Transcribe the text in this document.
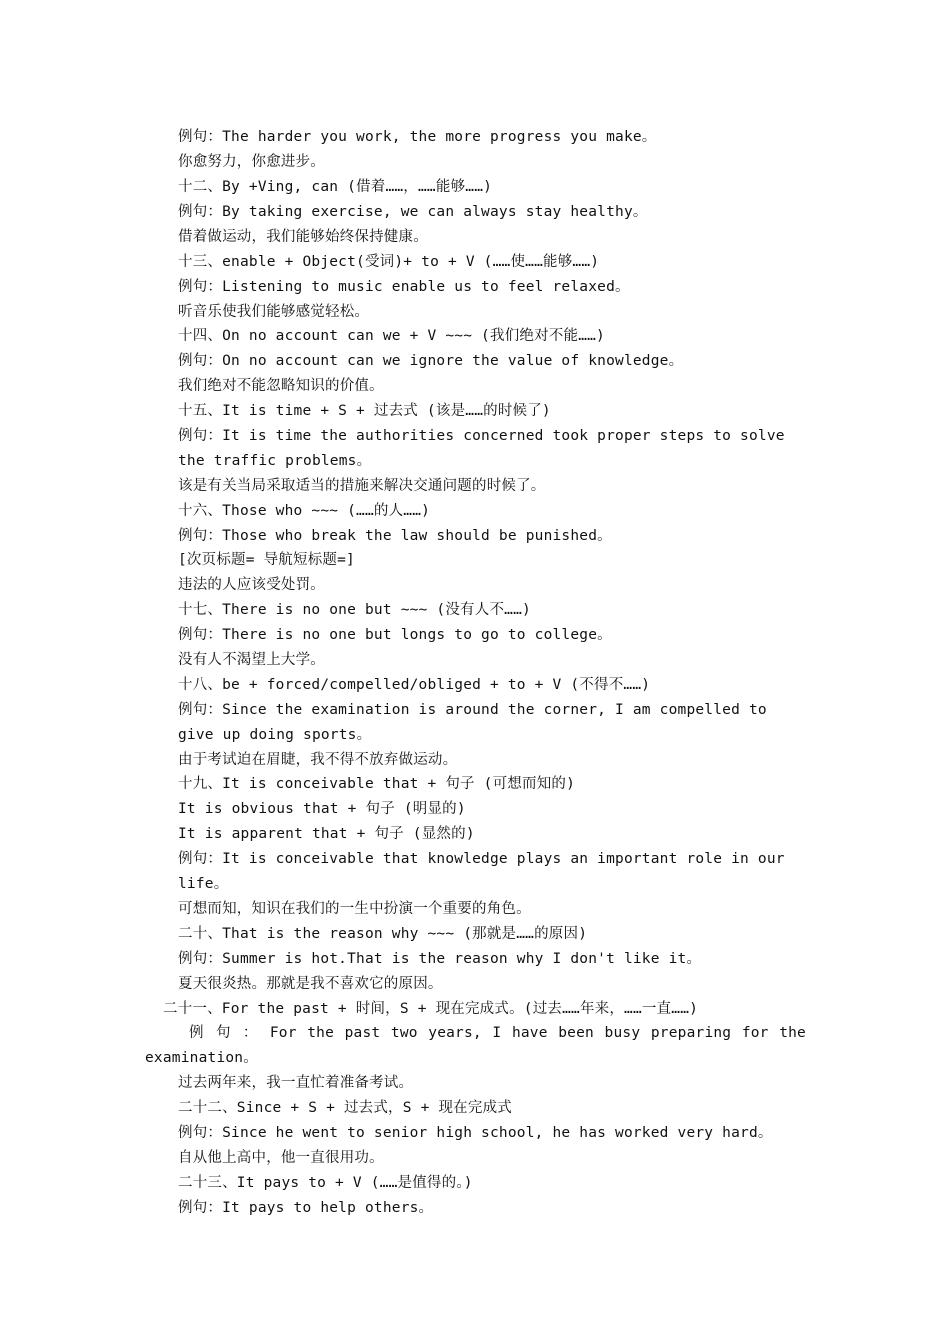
例句：The harder you work, the more progress you make。
你愈努力，你愈进步。
十二、By +Ving, can (借着……，……能够……)
例句：By taking exercise, we can always stay healthy。
借着做运动，我们能够始终保持健康。
十三、enable + Object(受词)+ to + V (……使……能够……)
例句：Listening to music enable us to feel relaxed。
听音乐使我们能够感觉轻松。
十四、On no account can we + V ~~~ (我们绝对不能……)
例句：On no account can we ignore the value of knowledge。
我们绝对不能忽略知识的价值。
十五、It is time + S + 过去式 (该是……的时候了)
例句：It is time the authorities concerned took proper steps to solve
the traffic problems。
该是有关当局采取适当的措施来解决交通问题的时候了。
十六、Those who ~~~ (……的人……)
例句：Those who break the law should be punished。
[次页标题= 导航短标题=]
违法的人应该受处罚。
十七、There is no one but ~~~ (没有人不……)
例句：There is no one but longs to go to college。
没有人不渴望上大学。
十八、be + forced/compelled/obliged + to + V (不得不……)
例句：Since the examination is around the corner, I am compelled to
give up doing sports。
由于考试迫在眉睫，我不得不放弃做运动。
十九、It is conceivable that + 句子 (可想而知的)
It is obvious that + 句子 (明显的)
It is apparent that + 句子 (显然的)
例句：It is conceivable that knowledge plays an important role in our
life。
可想而知，知识在我们的一生中扮演一个重要的角色。
二十、That is the reason why ~~~ (那就是……的原因)
例句：Summer is hot.That is the reason why I don't like it。
夏天很炎热。那就是我不喜欢它的原因。
二十一、For the past + 时间，S + 现在完成式。(过去……年来，……一直……)
例 句 ： For the past two years, I have been busy preparing for the
examination。
过去两年来，我一直忙着准备考试。
二十二、Since + S + 过去式，S + 现在完成式
例句：Since he went to senior high school, he has worked very hard。
自从他上高中，他一直很用功。
二十三、It pays to + V (……是值得的。)
例句：It pays to help others。
